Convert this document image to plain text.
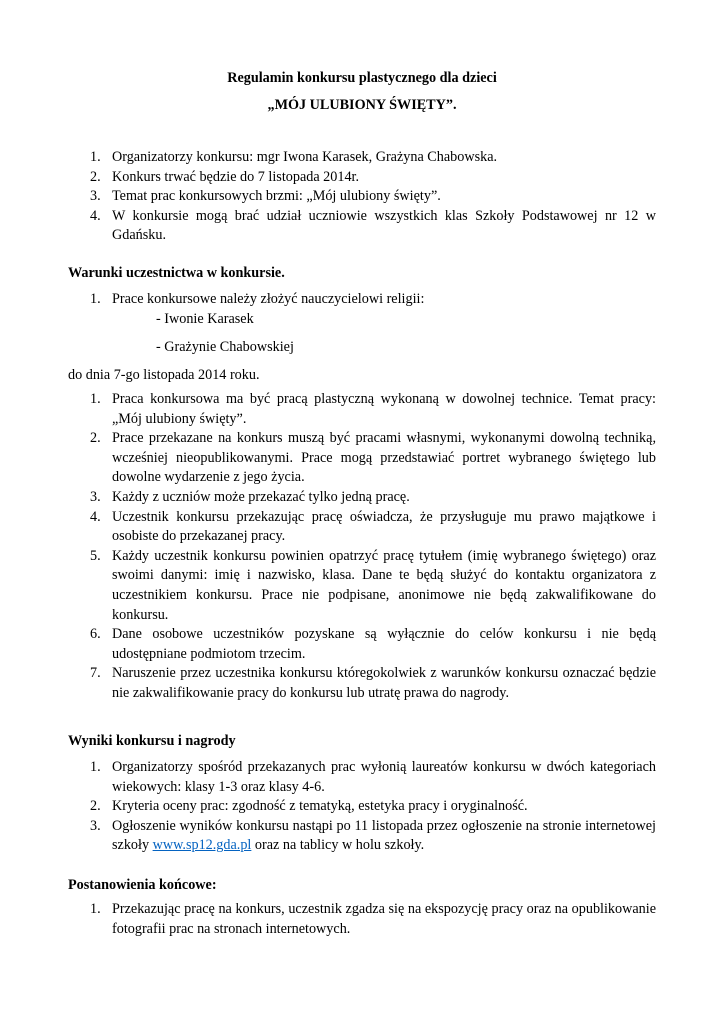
Regulamin konkursu plastycznego dla dzieci
„MÓJ ULUBIONY ŚWIĘTY”.
1. Organizatorzy konkursu: mgr Iwona Karasek, Grażyna Chabowska.
2. Konkurs trwać będzie do 7 listopada 2014r.
3. Temat prac konkursowych brzmi: „Mój ulubiony święty”.
4. W konkursie mogą brać udział uczniowie wszystkich klas Szkoły Podstawowej nr 12 w Gdańsku.
Warunki uczestnictwa w konkursie.
1. Prace konkursowe należy złożyć nauczycielowi religii:
- Iwonie Karasek
- Grażynie Chabowskiej
do dnia 7-go listopada 2014 roku.
1. Praca konkursowa ma być pracą plastyczną wykonaną w dowolnej technice. Temat pracy: „Mój ulubiony święty”.
2. Prace przekazane na konkurs muszą być pracami własnymi, wykonanymi dowolną techniką, wcześniej nieopublikowanymi. Prace mogą przedstawiać portret wybranego świętego lub dowolne wydarzenie z jego życia.
3. Każdy z uczniów może przekazać tylko jedną pracę.
4. Uczestnik konkursu przekazując pracę oświadcza, że przysługuje mu prawo majątkowe i osobiste do przekazanej pracy.
5. Każdy uczestnik konkursu powinien opatrzyć pracę tytułem (imię wybranego świętego) oraz swoimi danymi: imię i nazwisko, klasa. Dane te będą służyć do kontaktu organizatora z uczestnikiem konkursu. Prace nie podpisane, anonimowe nie będą zakwalifikowane do konkursu.
6. Dane osobowe uczestników pozyskane są wyłącznie do celów konkursu i nie będą udostępniane podmiotom trzecim.
7. Naruszenie przez uczestnika konkursu któregokolwiek z warunków konkursu oznaczać będzie nie zakwalifikowanie pracy do konkursu lub utratę prawa do nagrody.
Wyniki konkursu i nagrody
1. Organizatorzy spośród przekazanych prac wyłonią laureatów konkursu w dwóch kategoriach wiekowych: klasy 1-3 oraz klasy 4-6.
2. Kryteria oceny prac: zgodność z tematyką, estetyka pracy i oryginalność.
3. Ogłoszenie wyników konkursu nastąpi po 11 listopada przez ogłoszenie na stronie internetowej szkoły www.sp12.gda.pl oraz na tablicy w holu szkoły.
Postanowienia końcowe:
1. Przekazując pracę na konkurs, uczestnik zgadza się na ekspozycję pracy oraz na opublikowanie fotografii prac na stronach internetowych.
